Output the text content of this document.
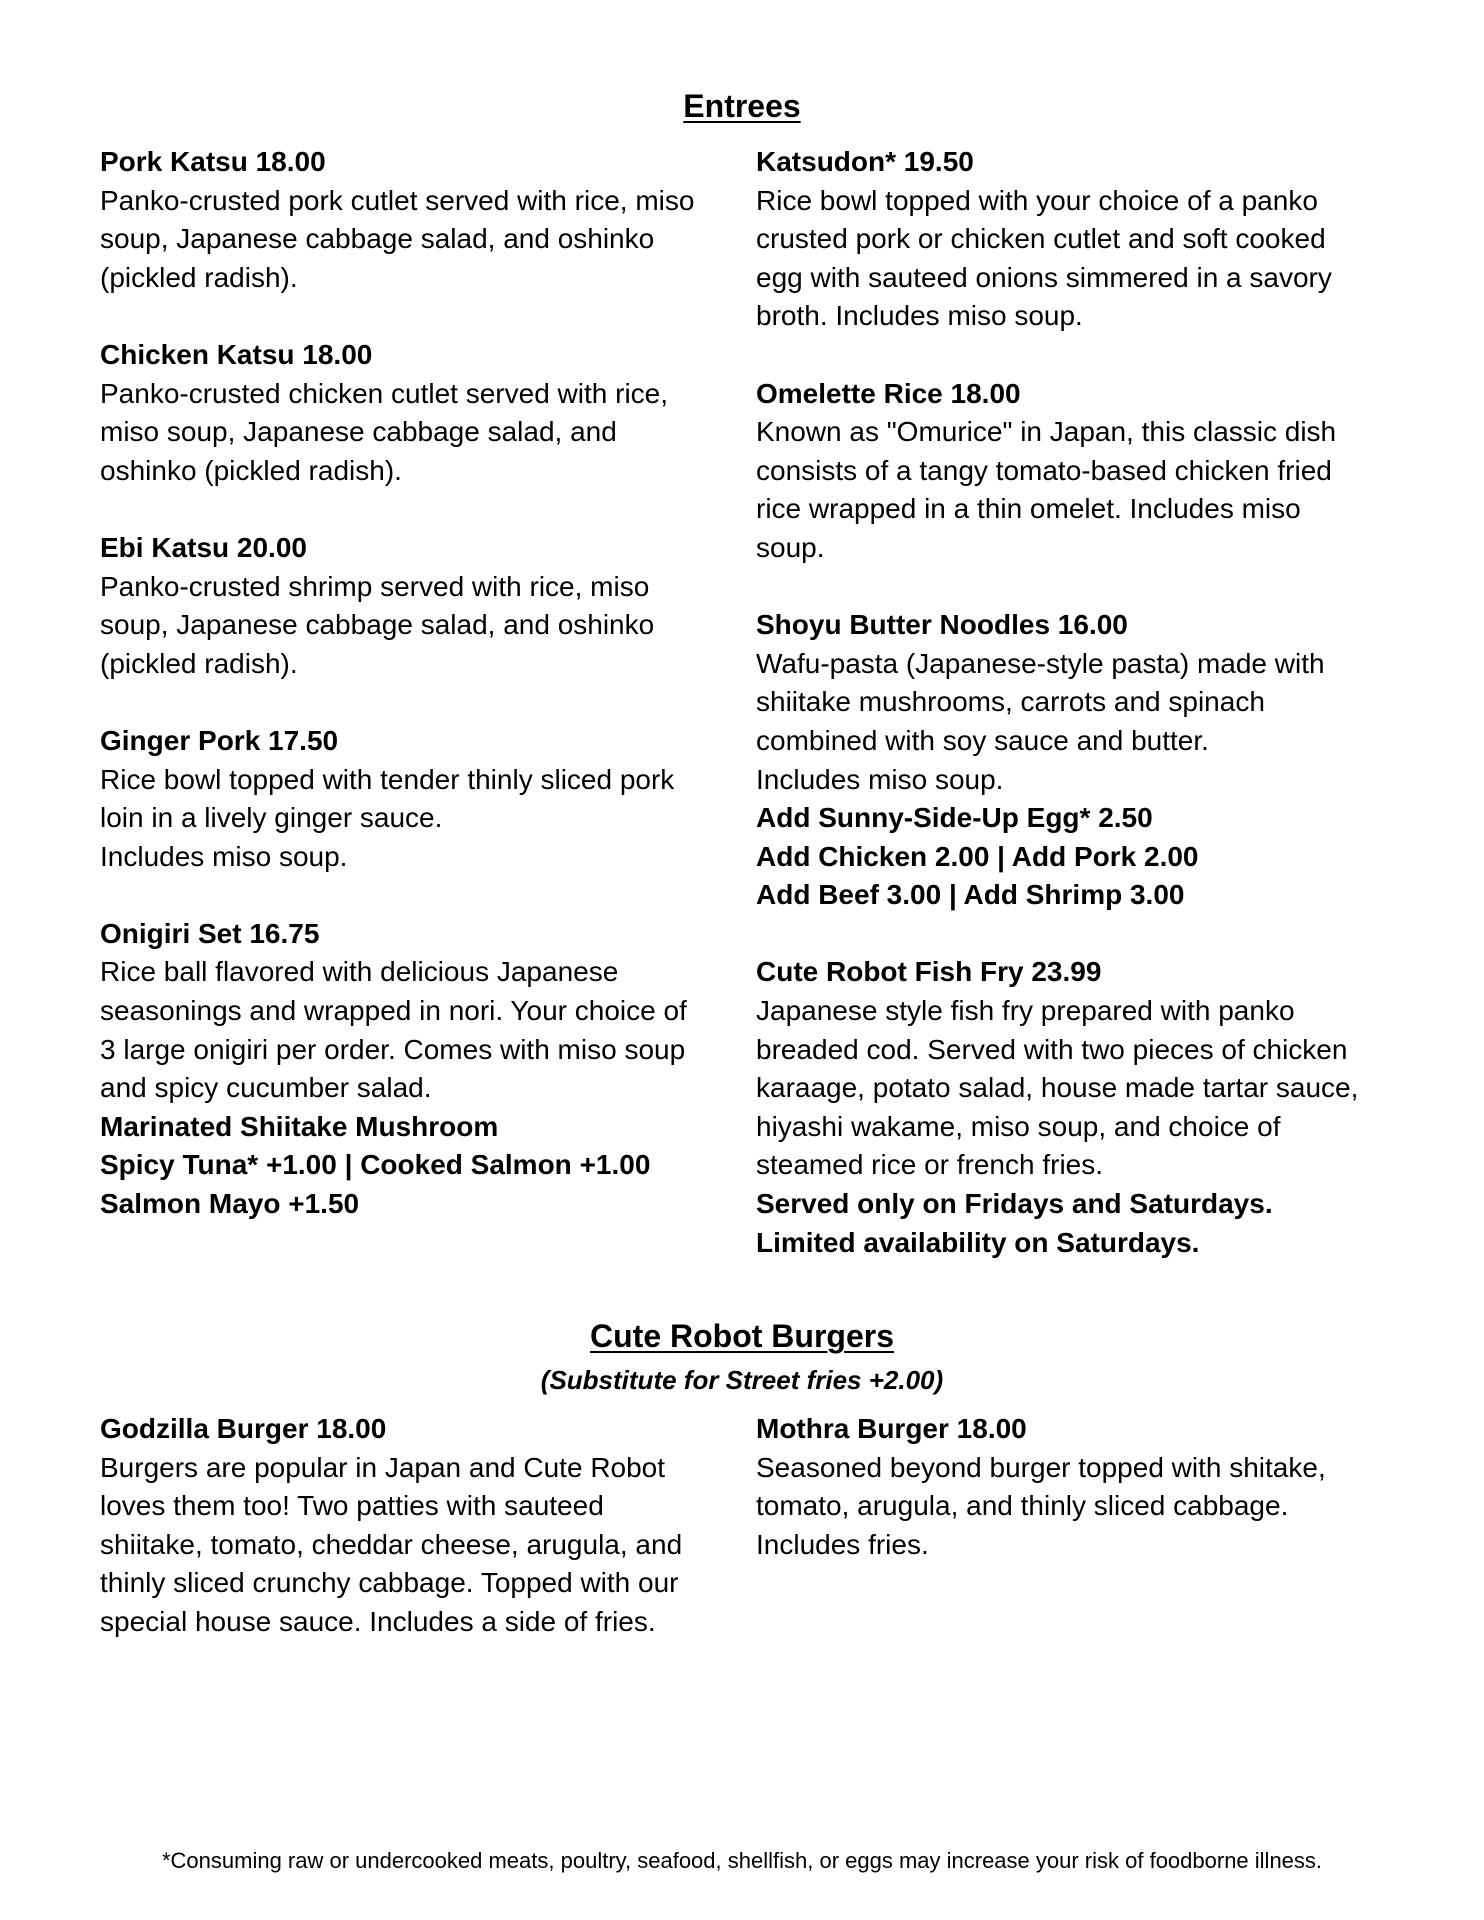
Entrees
Pork Katsu 18.00
Panko-crusted pork cutlet served with rice, miso
soup, Japanese cabbage salad, and oshinko
(pickled radish).
Chicken Katsu 18.00
Panko-crusted chicken cutlet served with rice,
miso soup, Japanese cabbage salad, and
oshinko (pickled radish).
Ebi Katsu 20.00
Panko-crusted shrimp served with rice, miso
soup, Japanese cabbage salad, and oshinko
(pickled radish).
Ginger Pork 17.50
Rice bowl topped with tender thinly sliced pork
loin in a lively ginger sauce.
Includes miso soup.
Onigiri Set 16.75
Rice ball flavored with delicious Japanese
seasonings and wrapped in nori. Your choice of
3 large onigiri per order. Comes with miso soup
and spicy cucumber salad.
Marinated Shiitake Mushroom
Spicy Tuna* +1.00 | Cooked Salmon +1.00
Salmon Mayo +1.50
Katsudon* 19.50
Rice bowl topped with your choice of a panko
crusted pork or chicken cutlet and soft cooked
egg with sauteed onions simmered in a savory
broth. Includes miso soup.
Omelette Rice 18.00
Known as "Omurice" in Japan, this classic dish
consists of a tangy tomato-based chicken fried
rice wrapped in a thin omelet. Includes miso
soup.
Shoyu Butter Noodles 16.00
Wafu-pasta (Japanese-style pasta) made with
shiitake mushrooms, carrots and spinach
combined with soy sauce and butter.
Includes miso soup.
Add Sunny-Side-Up Egg* 2.50
Add Chicken 2.00 | Add Pork 2.00
Add Beef 3.00 | Add Shrimp 3.00
Cute Robot Fish Fry 23.99
Japanese style fish fry prepared with panko
breaded cod. Served with two pieces of chicken
karaage, potato salad, house made tartar sauce,
hiyashi wakame, miso soup, and choice of
steamed rice or french fries.
Served only on Fridays and Saturdays.
Limited availability on Saturdays.
Cute Robot Burgers

(Substitute for Street fries +2.00)

Godzilla Burger 18.00
Burgers are popular in Japan and Cute Robot
loves them too! Two patties with sauteed
shiitake, tomato, cheddar cheese, arugula, and
thinly sliced crunchy cabbage. Topped with our
special house sauce. Includes a side of fries.
Mothra Burger 18.00
Seasoned beyond burger topped with shitake,
tomato, arugula, and thinly sliced cabbage.
Includes fries.
*Consuming raw or undercooked meats, poultry, seafood, shellfish, or eggs may increase your risk of foodborne illness.
